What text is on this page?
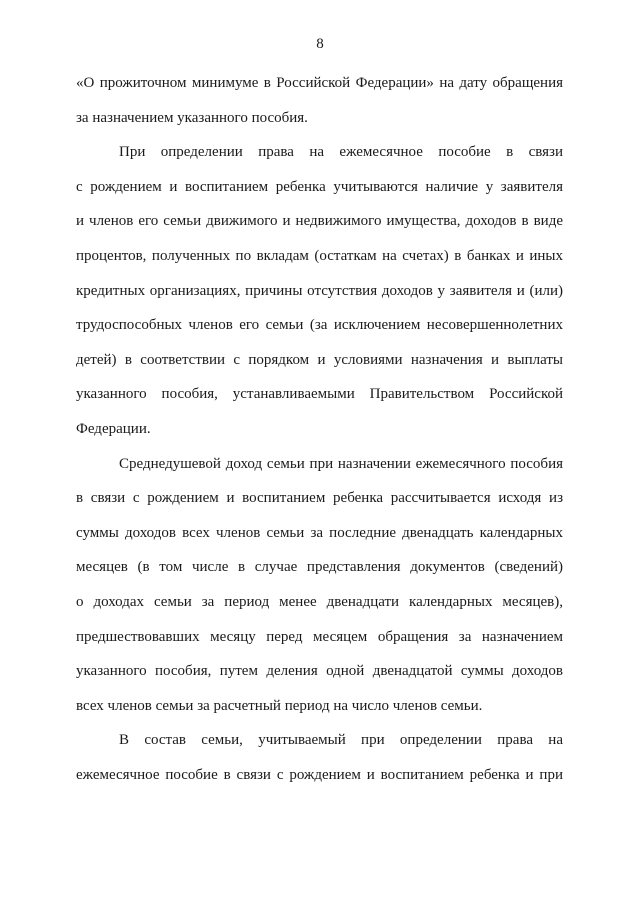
8
«О прожиточном минимуме в Российской Федерации» на дату обращения
за назначением указанного пособия.
При определении права на ежемесячное пособие в связи
с рождением и воспитанием ребенка учитываются наличие у заявителя
и членов его семьи движимого и недвижимого имущества, доходов в виде
процентов, полученных по вкладам (остаткам на счетах) в банках и иных
кредитных организациях, причины отсутствия доходов у заявителя и (или)
трудоспособных членов его семьи (за исключением несовершеннолетних
детей) в соответствии с порядком и условиями назначения и выплаты
указанного пособия, устанавливаемыми Правительством Российской
Федерации.
Среднедушевой доход семьи при назначении ежемесячного пособия
в связи с рождением и воспитанием ребенка рассчитывается исходя из
суммы доходов всех членов семьи за последние двенадцать календарных
месяцев (в том числе в случае представления документов (сведений)
о доходах семьи за период менее двенадцати календарных месяцев),
предшествовавших месяцу перед месяцем обращения за назначением
указанного пособия, путем деления одной двенадцатой суммы доходов
всех членов семьи за расчетный период на число членов семьи.
В состав семьи, учитываемый при определении права на
ежемесячное пособие в связи с рождением и воспитанием ребенка и при
